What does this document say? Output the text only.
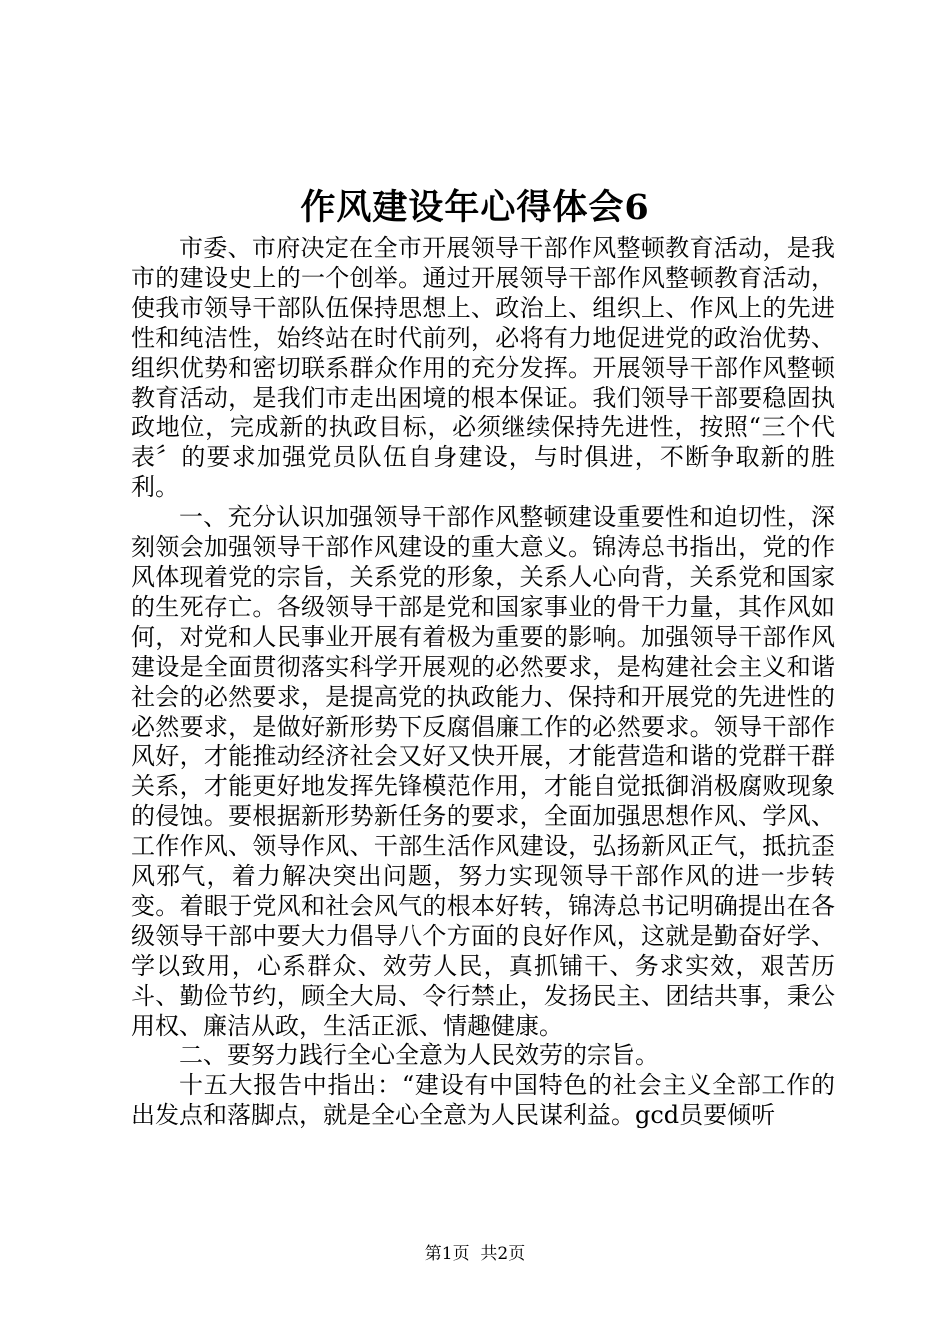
作风建设年心得体会6

市委、市府决定在全市开展领导干部作风整顿教育活动，是我市的建设史上的一个创举。通过开展领导干部作风整顿教育活动，使我市领导干部队伍保持思想上、政治上、组织上、作风上的先进性和纯洁性，始终站在时代前列，必将有力地促进党的政治优势、组织优势和密切联系群众作用的充分发挥。开展领导干部作风整顿教育活动，是我们市走出困境的根本保证。我们领导干部要稳固执政地位，完成新的执政目标，必须继续保持先进性，按照“三个代表〞的要求加强党员队伍自身建设，与时俱进，不断争取新的胜利。

一、充分认识加强领导干部作风整顿建设重要性和迫切性，深刻领会加强领导干部作风建设的重大意义。锦涛总书指出，党的作风体现着党的宗旨，关系党的形象，关系人心向背，关系党和国家的生死存亡。各级领导干部是党和国家事业的骨干力量，其作风如何，对党和人民事业开展有着极为重要的影响。加强领导干部作风建设是全面贯彻落实科学开展观的必然要求，是构建社会主义和谐社会的必然要求，是提高党的执政能力、保持和开展党的先进性的必然要求，是做好新形势下反腐倡廉工作的必然要求。领导干部作风好，才能推动经济社会又好又快开展，才能营造和谐的党群干群关系，才能更好地发挥先锋模范作用，才能自觉抵御消极腐败现象的侵蚀。要根据新形势新任务的要求，全面加强思想作风、学风、工作作风、领导作风、干部生活作风建设，弘扬新风正气，抵抗歪风邪气，着力解决突出问题，努力实现领导干部作风的进一步转变。着眼于党风和社会风气的根本好转，锦涛总书记明确提出在各级领导干部中要大力倡导八个方面的良好作风，这就是勤奋好学、学以致用，心系群众、效劳人民，真抓铺干、务求实效，艰苦历斗、勤俭节约，顾全大局、令行禁止，发扬民主、团结共事，秉公用权、廉洁从政，生活正派、情趣健康。

二、要努力践行全心全意为人民效劳的宗旨。

十五大报告中指出：“建设有中国特色的社会主义全部工作的出发点和落脚点，就是全心全意为人民谋利益。gcd员要倾听

第1页 共2页
